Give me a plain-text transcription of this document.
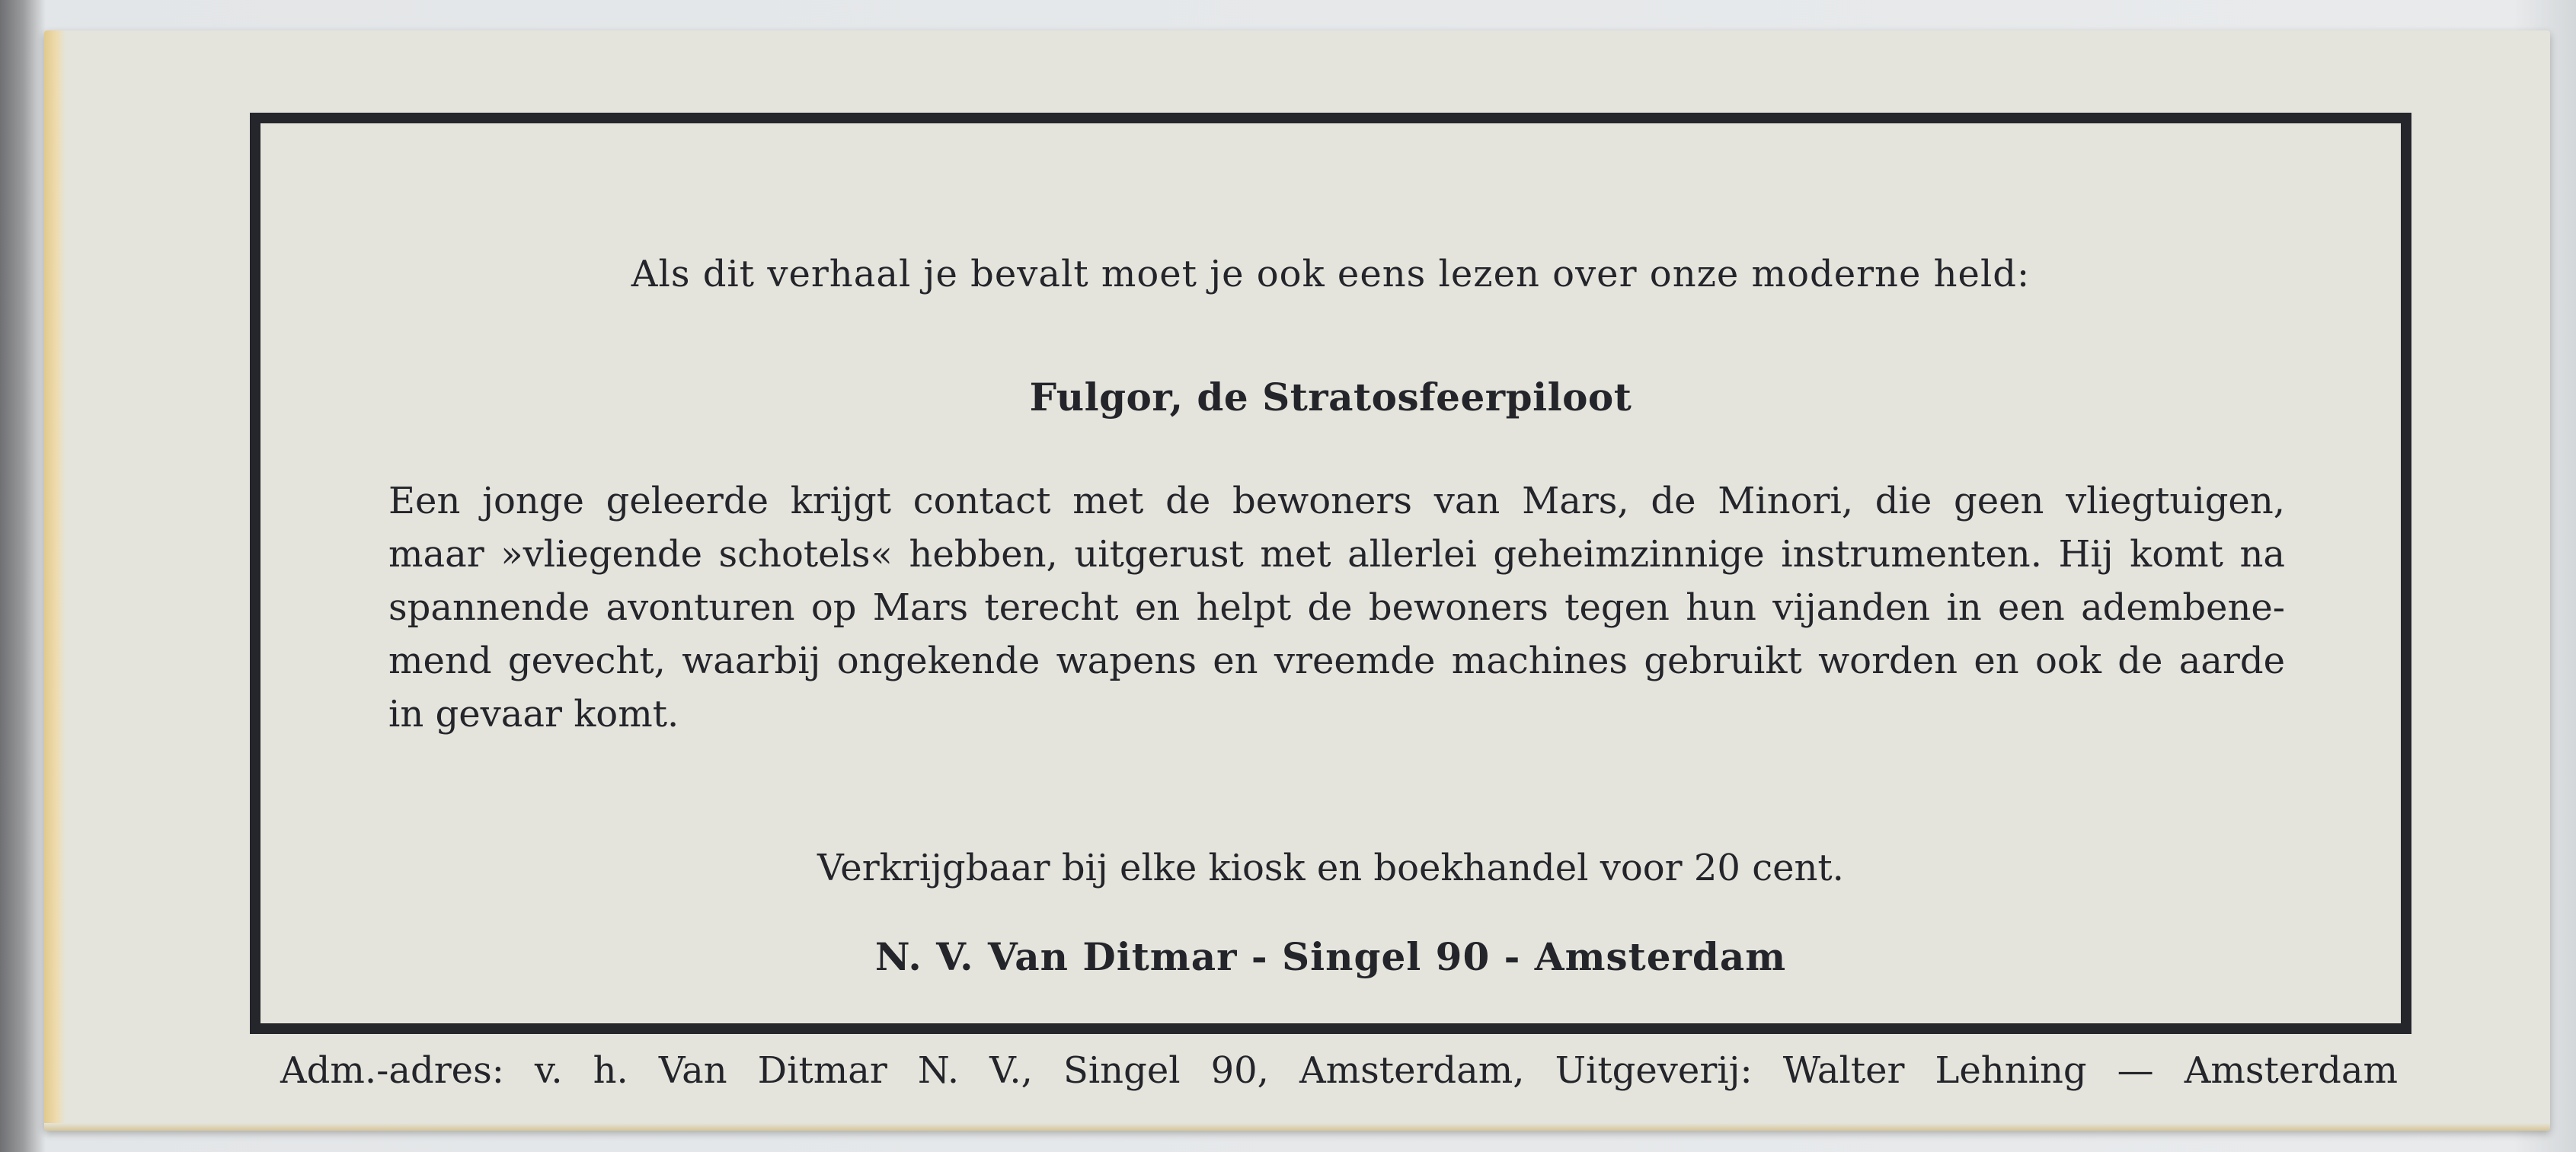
Als dit verhaal je bevalt moet je ook eens lezen over onze moderne held:
Fulgor, de Stratosfeerpiloot
Een jonge geleerde krijgt contact met de bewoners van Mars, de Minori, die geen vliegtuigen,
maar »vliegende schotels« hebben, uitgerust met allerlei geheimzinnige instrumenten. Hij komt na
spannende avonturen op Mars terecht en helpt de bewoners tegen hun vijanden in een adembene-
mend gevecht, waarbij ongekende wapens en vreemde machines gebruikt worden en ook de aarde
in gevaar komt.
Verkrijgbaar bij elke kiosk en boekhandel voor 20 cent.
N. V. Van Ditmar - Singel 90 - Amsterdam
Adm.-adres: v. h. Van Ditmar N. V., Singel 90, Amsterdam, Uitgeverij: Walter Lehning — Amsterdam
